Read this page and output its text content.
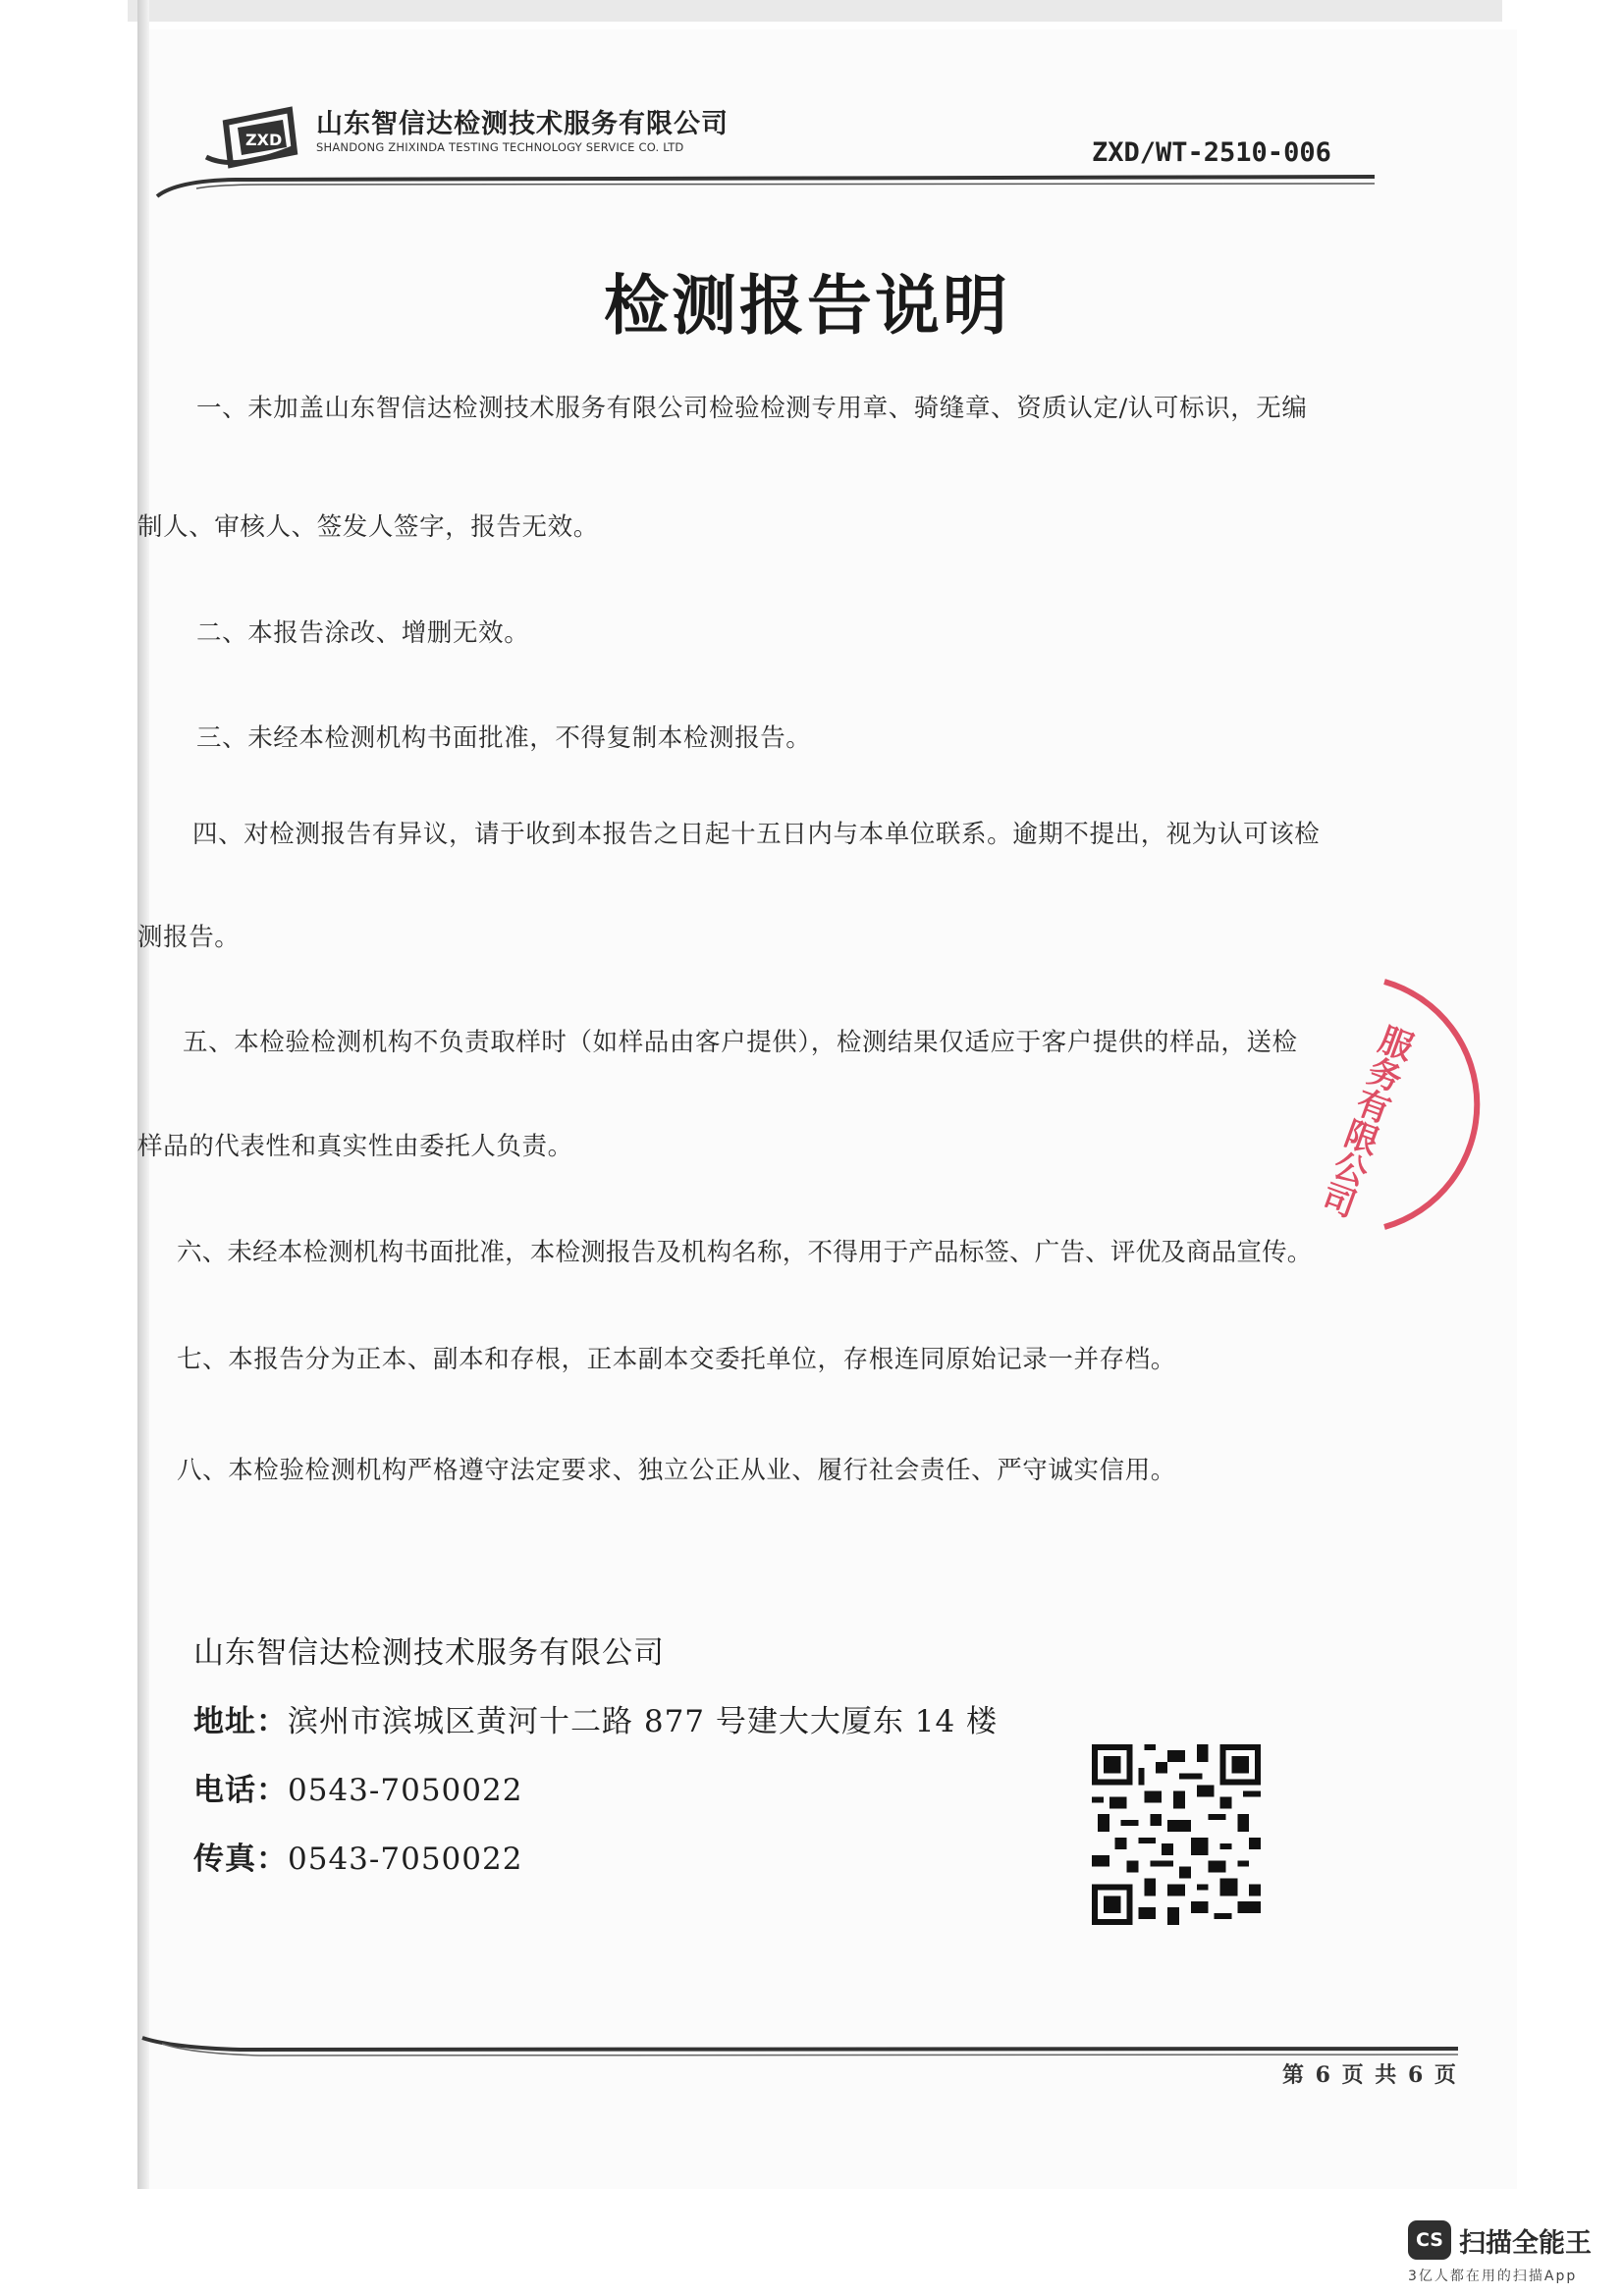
ZXD
山东智信达检测技术服务有限公司
SHANDONG ZHIXINDA TESTING TECHNOLOGY SERVICE CO. LTD	ZXD/WT-2510-006
检测报告说明
一、未加盖山东智信达检测技术服务有限公司检验检测专用章、骑缝章、资质认定/认可标识，无编
制人、审核人、签发人签字，报告无效。
二、本报告涂改、增删无效。
三、未经本检测机构书面批准，不得复制本检测报告。
四、对检测报告有异议，请于收到本报告之日起十五日内与本单位联系。逾期不提出，视为认可该检
测报告。
五、本检验检测机构不负责取样时（如样品由客户提供），检测结果仅适应于客户提供的样品，送检
样品的代表性和真实性由委托人负责。
六、未经本检测机构书面批准，本检测报告及机构名称，不得用于产品标签、广告、评优及商品宣传。
七、本报告分为正本、副本和存根，正本副本交委托单位，存根连同原始记录一并存档。
八、本检验检测机构严格遵守法定要求、独立公正从业、履行社会责任、严守诚实信用。
山东智信达检测技术服务有限公司
地址：滨州市滨城区黄河十二路 877 号建大大厦东 14 楼
电话：0543-7050022
传真：0543-7050022
服务有限公司
第 6 页 共 6 页
CS 扫描全能王
3亿人都在用的扫描App
